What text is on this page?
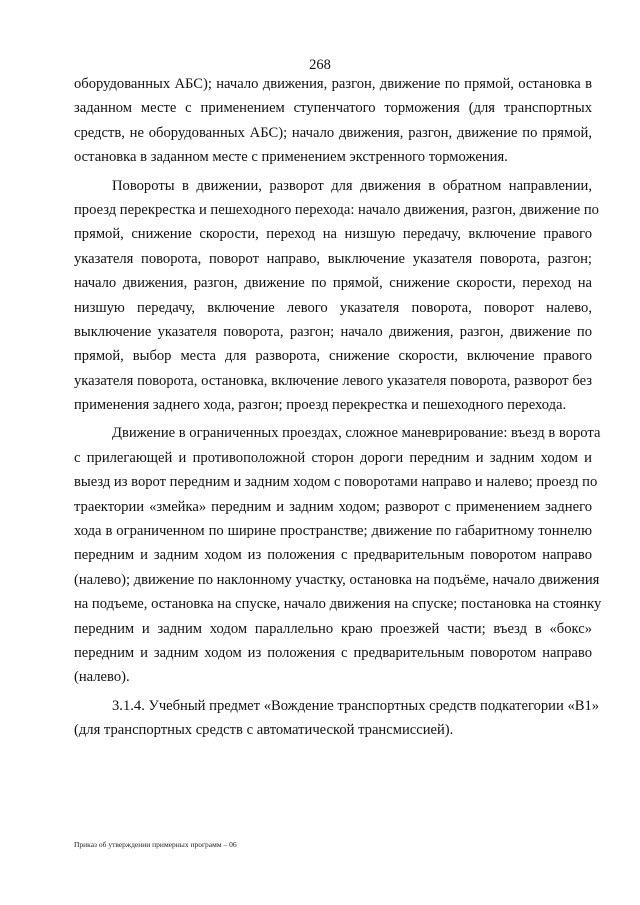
268
оборудованных АБС); начало движения, разгон, движение по прямой, остановка в
заданном месте с применением ступенчатого торможения (для транспортных
средств, не оборудованных АБС); начало движения, разгон, движение по прямой,
остановка в заданном месте с применением экстренного торможения.
Повороты в движении, разворот для движения в обратном направлении,
проезд перекрестка и пешеходного перехода: начало движения, разгон, движение по
прямой, снижение скорости, переход на низшую передачу, включение правого
указателя поворота, поворот направо, выключение указателя поворота, разгон;
начало движения, разгон, движение по прямой, снижение скорости, переход на
низшую передачу, включение левого указателя поворота, поворот налево,
выключение указателя поворота, разгон; начало движения, разгон, движение по
прямой, выбор места для разворота, снижение скорости, включение правого
указателя поворота, остановка, включение левого указателя поворота, разворот без
применения заднего хода, разгон; проезд перекрестка и пешеходного перехода.
Движение в ограниченных проездах, сложное маневрирование: въезд в ворота
с прилегающей и противоположной сторон дороги передним и задним ходом и
выезд из ворот передним и задним ходом с поворотами направо и налево; проезд по
траектории «змейка» передним и задним ходом; разворот с применением заднего
хода в ограниченном по ширине пространстве; движение по габаритному тоннелю
передним и задним ходом из положения с предварительным поворотом направо
(налево); движение по наклонному участку, остановка на подъёме, начало движения
на подъеме, остановка на спуске, начало движения на спуске; постановка на стоянку
передним и задним ходом параллельно краю проезжей части; въезд в «бокс»
передним и задним ходом из положения с предварительным поворотом направо
(налево).
3.1.4. Учебный предмет «Вождение транспортных средств подкатегории «B1»
(для транспортных средств с автоматической трансмиссией).
Приказ об утверждении примерных программ – 06
